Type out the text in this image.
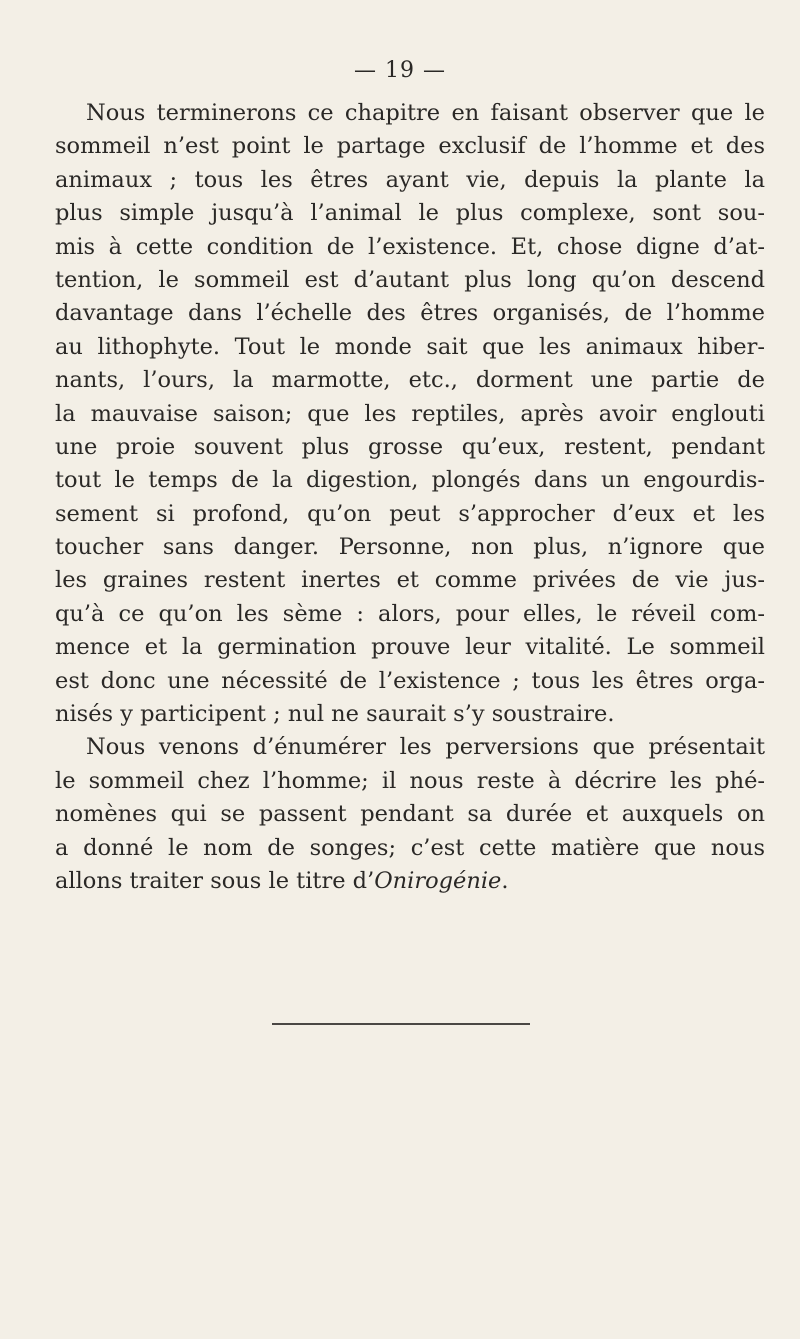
— 19 —
Nous terminerons ce chapitre en faisant observer que le
sommeil n’est point le partage exclusif de l’homme et des
animaux ; tous les êtres ayant vie, depuis la plante la
plus simple jusqu’à l’animal le plus complexe, sont sou-
mis à cette condition de l’existence. Et, chose digne d’at-
tention, le sommeil est d’autant plus long qu’on descend
davantage dans l’échelle des êtres organisés, de l’homme
au lithophyte. Tout le monde sait que les animaux hiber-
nants, l’ours, la marmotte, etc., dorment une partie de
la mauvaise saison; que les reptiles, après avoir englouti
une proie souvent plus grosse qu’eux, restent, pendant
tout le temps de la digestion, plongés dans un engourdis-
sement si profond, qu’on peut s’approcher d’eux et les
toucher sans danger. Personne, non plus, n’ignore que
les graines restent inertes et comme privées de vie jus-
qu’à ce qu’on les sème : alors, pour elles, le réveil com-
mence et la germination prouve leur vitalité. Le sommeil
est donc une nécessité de l’existence ; tous les êtres orga-
nisés y participent ; nul ne saurait s’y soustraire.
Nous venons d’énumérer les perversions que présentait
le sommeil chez l’homme; il nous reste à décrire les phé-
nomènes qui se passent pendant sa durée et auxquels on
a donné le nom de songes; c’est cette matière que nous
allons traiter sous le titre d’Onirogénie.
